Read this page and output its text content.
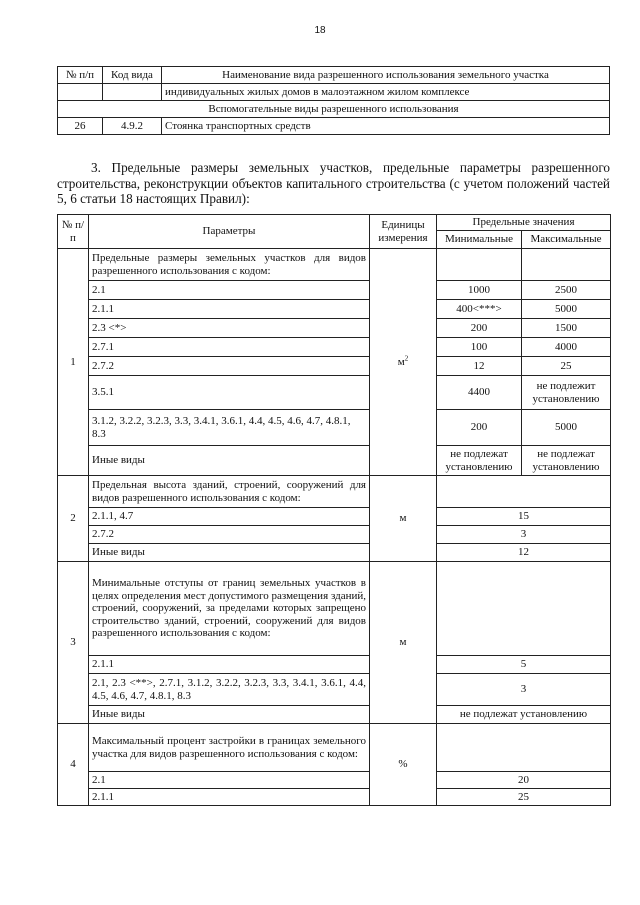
18
№ п/п	Код вида	Наименование вида разрешенного использования земельного участка
		индивидуальных жилых домов в малоэтажном жилом комплексе
Вспомогательные виды разрешенного использования		
26	4.9.2	Стоянка транспортных средств

3. Предельные размеры земельных участков, предельные параметры разрешенного строительства, реконструкции объектов капитального строительства (с учетом положений частей 5, 6 статьи 18 настоящих Правил):

№ п/п	Параметры	Единицы измерения	Предельные значения	
			Минимальные	Максимальные
1	Предельные размеры земельных участков для видов разрешенного использования с кодом:	$м^2$		
	2.1		1000	2500
	2.1.1		400<***>	5000
	2.3 <*>		200	1500
	2.7.1		100	4000
	2.7.2		12	25
	3.5.1		4400	не подлежит установлению
	3.1.2, 3.2.2, 3.2.3, 3.3, 3.4.1, 3.6.1, 4.4, 4.5, 4.6, 4.7, 4.8.1, 8.3		200	5000
	Иные виды		не подлежат установлению	не подлежат установлению
2	Предельная высота зданий, строений, сооружений для видов разрешенного использования с кодом:	м		
	2.1.1, 4.7		15	
	2.7.2		3	
	Иные виды		12	
3	Минимальные отступы от границ земельных участков в целях определения мест допустимого размещения зданий, строений, сооружений, за пределами которых запрещено строительство зданий, строений, сооружений для видов разрешенного использования с кодом:	м		
	2.1.1		5	
	2.1, 2.3 <**>, 2.7.1, 3.1.2, 3.2.2, 3.2.3, 3.3, 3.4.1, 3.6.1, 4.4, 4.5, 4.6, 4.7, 4.8.1, 8.3		3	
	Иные виды		не подлежат установлению	
4	Максимальный процент застройки в границах земельного участка для видов разрешенного использования с кодом:	%		
	2.1		20	
	2.1.1		25	
